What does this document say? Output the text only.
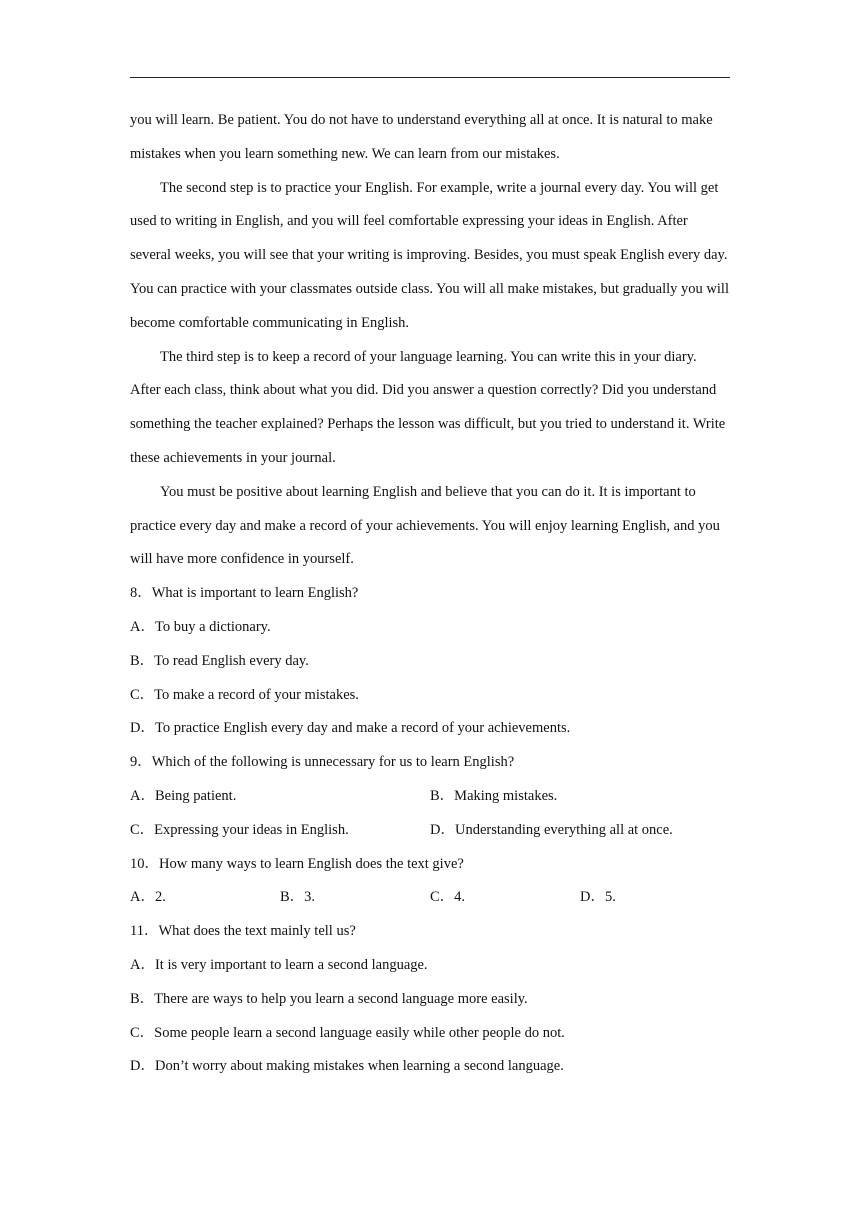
you will learn. Be patient. You do not have to understand everything all at once. It is natural to make mistakes when you learn something new. We can learn from our mistakes.

The second step is to practice your English. For example, write a journal every day. You will get used to writing in English, and you will feel comfortable expressing your ideas in English. After several weeks, you will see that your writing is improving. Besides, you must speak English every day. You can practice with your classmates outside class. You will all make mistakes, but gradually you will become comfortable communicating in English.

The third step is to keep a record of your language learning. You can write this in your diary. After each class, think about what you did. Did you answer a question correctly? Did you understand something the teacher explained? Perhaps the lesson was difficult, but you tried to understand it. Write these achievements in your journal.

You must be positive about learning English and believe that you can do it. It is important to practice every day and make a record of your achievements. You will enjoy learning English, and you will have more confidence in yourself.

8．What is important to learn English?
A．To buy a dictionary.
B．To read English every day.
C．To make a record of your mistakes.
D．To practice English every day and make a record of your achievements.
9．Which of the following is unnecessary for us to learn English?
A．Being patient.	B．Making mistakes.
C．Expressing your ideas in English.	D．Understanding everything all at once.
10．How many ways to learn English does the text give?
A．2.	B．3.	C．4.	D．5.
11．What does the text mainly tell us?
A．It is very important to learn a second language.
B．There are ways to help you learn a second language more easily.
C．Some people learn a second language easily while other people do not.
D．Don’t worry about making mistakes when learning a second language.
